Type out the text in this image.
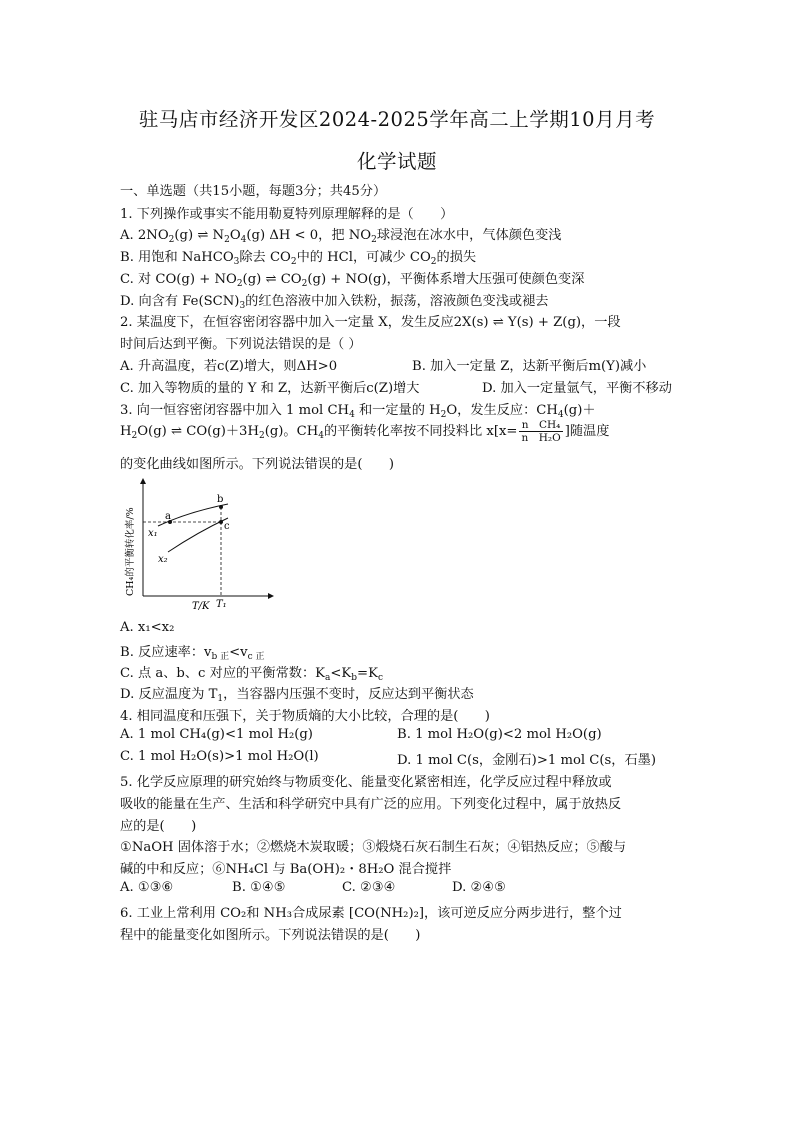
驻马店市经济开发区2024-2025学年高二上学期10月月考
化学试题
一、单选题（共15小题，每题3分；共45分）
1. 下列操作或事实不能用勒夏特列原理解释的是（　　）
A. $2NO_2(g)$ ⇌ $N_2O_4(g) \Delta H < 0$，把 $NO_2$球浸泡在冰水中，气体颜色变浅
B. 用饱和 NaHCO$_3$除去 $CO_2$中的 HCl，可减少 $CO_2$的损失
C. 对 $CO(g) + NO_2(g)$ ⇌ $CO_2(g) + NO(g)$，平衡体系增大压强可使颜色变深
D. 向含有 $Fe(SCN)_3$的红色溶液中加入铁粉，振荡，溶液颜色变浅或褪去
2. 某温度下，在恒容密闭容器中加入一定量 X，发生反应2X(s) ⇌ Y(s) + Z(g)，一段
时间后达到平衡。下列说法错误的是（ ）
A. 升高温度，若c(Z)增大，则ΔH>0	B. 加入一定量 Z，达新平衡后m(Y)减小
C. 加入等物质的量的 Y 和 Z，达新平衡后c(Z)增大	D. 加入一定量氩气，平衡不移动
3. 向一恒容密闭容器中加入 1 mol $CH_4$ 和一定量的 $H_2O$，发生反应：$CH_4(g)+$
$H_2O(g)$ ⇌ $CO(g)+3H_2(g)$。$CH_4$的平衡转化率按不同投料比 $x[x= \frac{\text{n　CH₄}}{\text{n　H₂O}}$ ]随温度
的变化曲线如图所示。下列说法错误的是(　　)
a
b
c
x₁
x₂
T/K T₁
CH₄的平衡转化率/%
A. x₁<x₂
B. 反应速率：$v_{b 正}<v_{c 正}$
C. 点 a、b、c 对应的平衡常数：$K_a<K_b=K_c$
D. 反应温度为 $T_1$，当容器内压强不变时，反应达到平衡状态
4. 相同温度和压强下，关于物质熵的大小比较，合理的是(　　)
A. 1 mol CH₄(g)<1 mol H₂(g)	B. 1 mol H₂O(g)<2 mol H₂O(g)
C. 1 mol H₂O(s)>1 mol H₂O(l)	D. 1 mol C(s，金刚石)>1 mol C(s，石墨)
5. 化学反应原理的研究始终与物质变化、能量变化紧密相连，化学反应过程中释放或
吸收的能量在生产、生活和科学研究中具有广泛的应用。下列变化过程中，属于放热反
应的是(　　)
①NaOH 固体溶于水；②燃烧木炭取暖；③煅烧石灰石制生石灰；④铝热反应；⑤酸与
碱的中和反应；⑥NH₄Cl 与 Ba(OH)₂・8H₂O 混合搅拌
A. ①③⑥	B. ①④⑤	C. ②③④	D. ②④⑤
6. 工业上常利用 CO₂和 NH₃合成尿素 [CO(NH₂)₂]，该可逆反应分两步进行，整个过
程中的能量变化如图所示。下列说法错误的是(　　)
